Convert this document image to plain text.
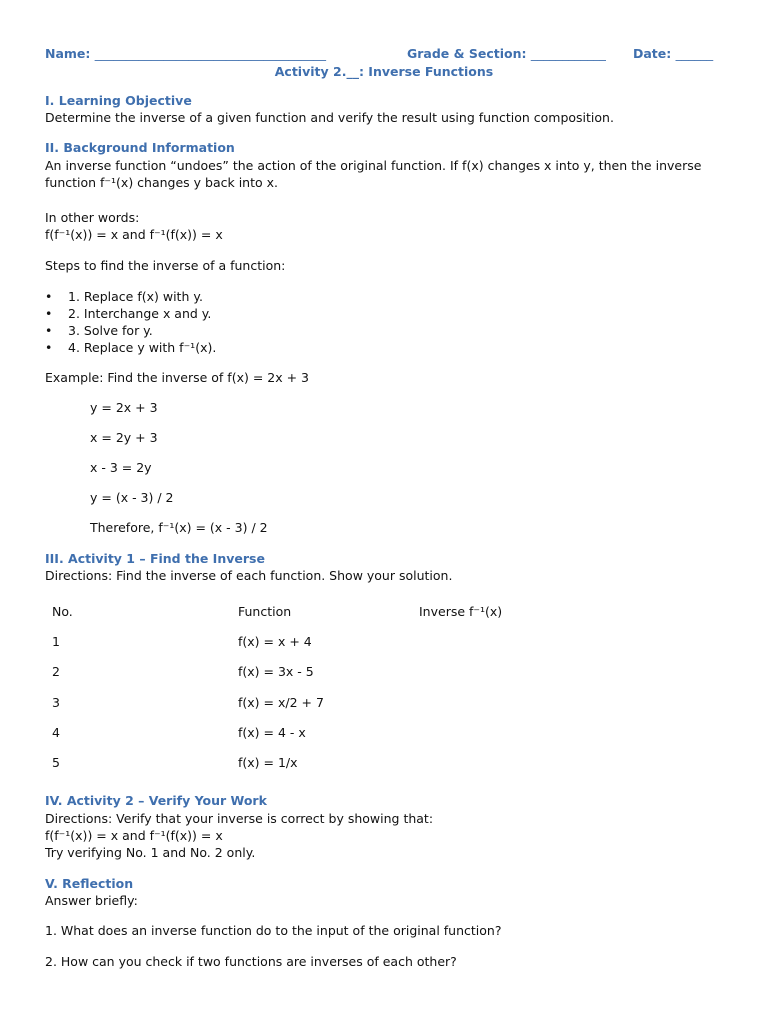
Name: _____________________________________	Grade & Section: ____________ Date: ______
Activity 2.__: Inverse Functions
I. Learning Objective
Determine the inverse of a given function and verify the result using function composition.
II. Background Information
An inverse function “undoes” the action of the original function. If f(x) changes x into y, then the inverse
function f⁻¹(x) changes y back into x.
In other words:
f(f⁻¹(x)) = x and f⁻¹(f(x)) = x
Steps to find the inverse of a function:
• 1. Replace f(x) with y.
• 2. Interchange x and y.
• 3. Solve for y.
• 4. Replace y with f⁻¹(x).
Example: Find the inverse of f(x) = 2x + 3
y = 2x + 3
x = 2y + 3
x - 3 = 2y
y = (x - 3) / 2
Therefore, f⁻¹(x) = (x - 3) / 2
III. Activity 1 – Find the Inverse
Directions: Find the inverse of each function. Show your solution.
No.	Function	Inverse f⁻¹(x)
1	f(x) = x + 4	
2	f(x) = 3x - 5	
3	f(x) = x/2 + 7	
4	f(x) = 4 - x	
5	f(x) = 1/x	
IV. Activity 2 – Verify Your Work
Directions: Verify that your inverse is correct by showing that:
f(f⁻¹(x)) = x and f⁻¹(f(x)) = x
Try verifying No. 1 and No. 2 only.
V. Reflection
Answer briefly:
1. What does an inverse function do to the input of the original function?
2. How can you check if two functions are inverses of each other?
